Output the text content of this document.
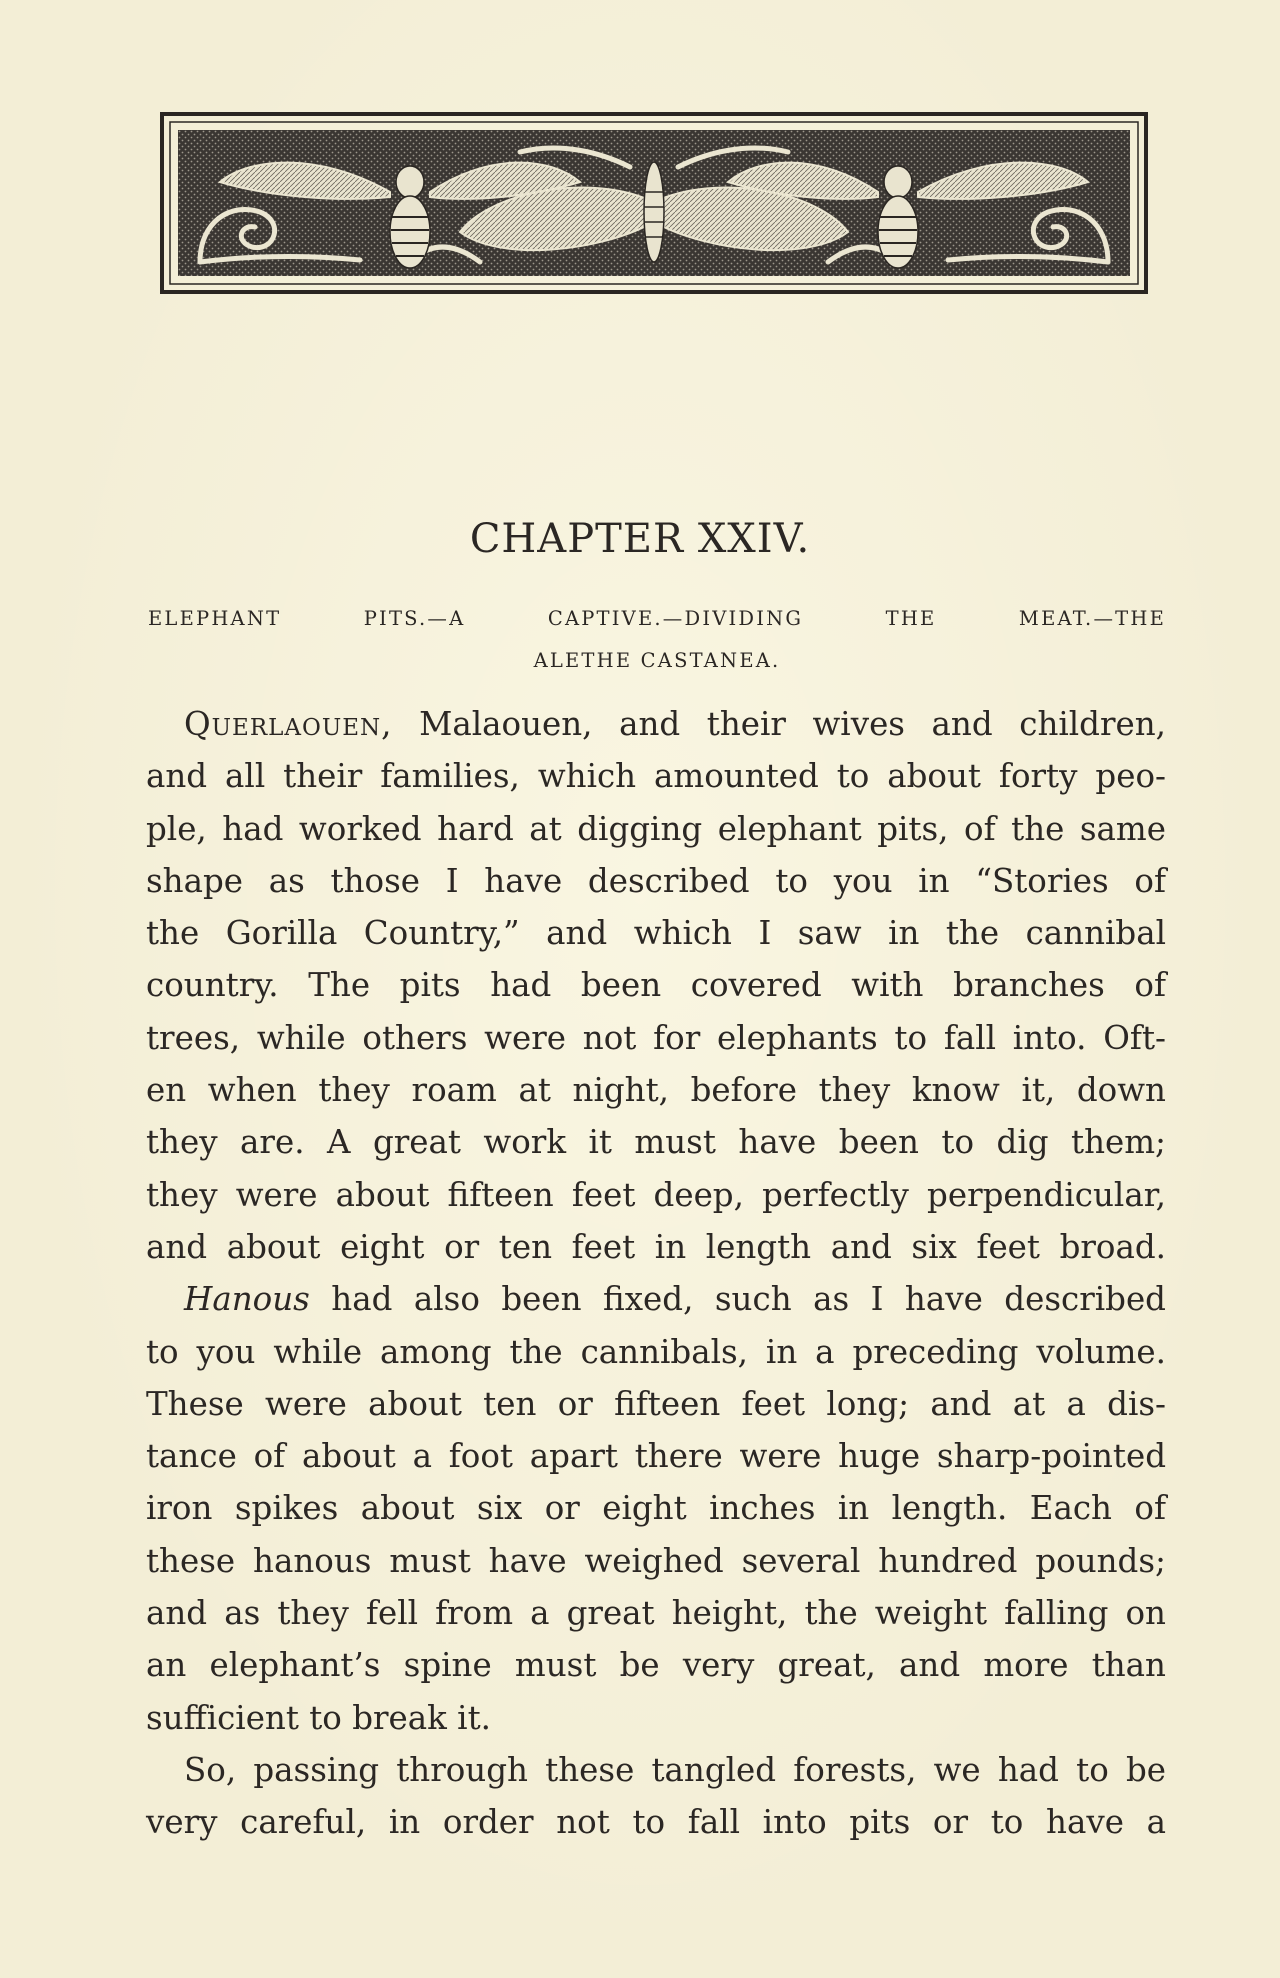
CHAPTER XXIV.
ELEPHANT PITS.—A CAPTIVE.—DIVIDING THE MEAT.—THE
ALETHE CASTANEA.
Querlaouen, Malaouen, and their wives and children,
and all their families, which amounted to about forty peo-
ple, had worked hard at digging elephant pits, of the same
shape as those I have described to you in “Stories of
the Gorilla Country,” and which I saw in the cannibal
country. The pits had been covered with branches of
trees, while others were not for elephants to fall into. Oft-
en when they roam at night, before they know it, down
they are. A great work it must have been to dig them;
they were about fifteen feet deep, perfectly perpendicular,
and about eight or ten feet in length and six feet broad.
Hanous had also been fixed, such as I have described
to you while among the cannibals, in a preceding volume.
These were about ten or fifteen feet long; and at a dis-
tance of about a foot apart there were huge sharp-pointed
iron spikes about six or eight inches in length. Each of
these hanous must have weighed several hundred pounds;
and as they fell from a great height, the weight falling on
an elephant’s spine must be very great, and more than
sufficient to break it.
So, passing through these tangled forests, we had to be
very careful, in order not to fall into pits or to have a
